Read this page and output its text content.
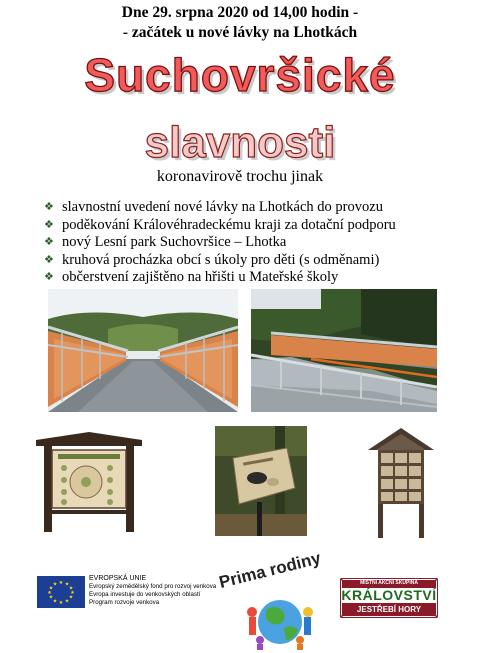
Dne 29. srpna 2020 od 14,00 hodin -
- začátek u nové lávky na Lhotkách
Suchovršické
slavnosti
koronavirově trochu jinak
❖ slavnostní uvedení nové lávky na Lhotkách do provozu
❖ poděkování Královéhradeckému kraji za dotační podporu
❖ nový Lesní park Suchovršice – Lhotka
❖ kruhová procházka obcí s úkoly pro děti (s odměnami)
❖ občerstvení zajištěno na hřišti u Mateřské školy
★ ★
★
★
★
★
★
★
★
★
★
★
EVROPSKÁ UNIE
Evropský zemědělský fond pro rozvoj venkova
Evropa investuje do venkovských oblastí
Program rozvoje venkova
Prima rodiny	MÍSTNÍ AKČNÍ SKUPINA
KRÁLOVSTVÍ
JESTŘEBÍ HORY
